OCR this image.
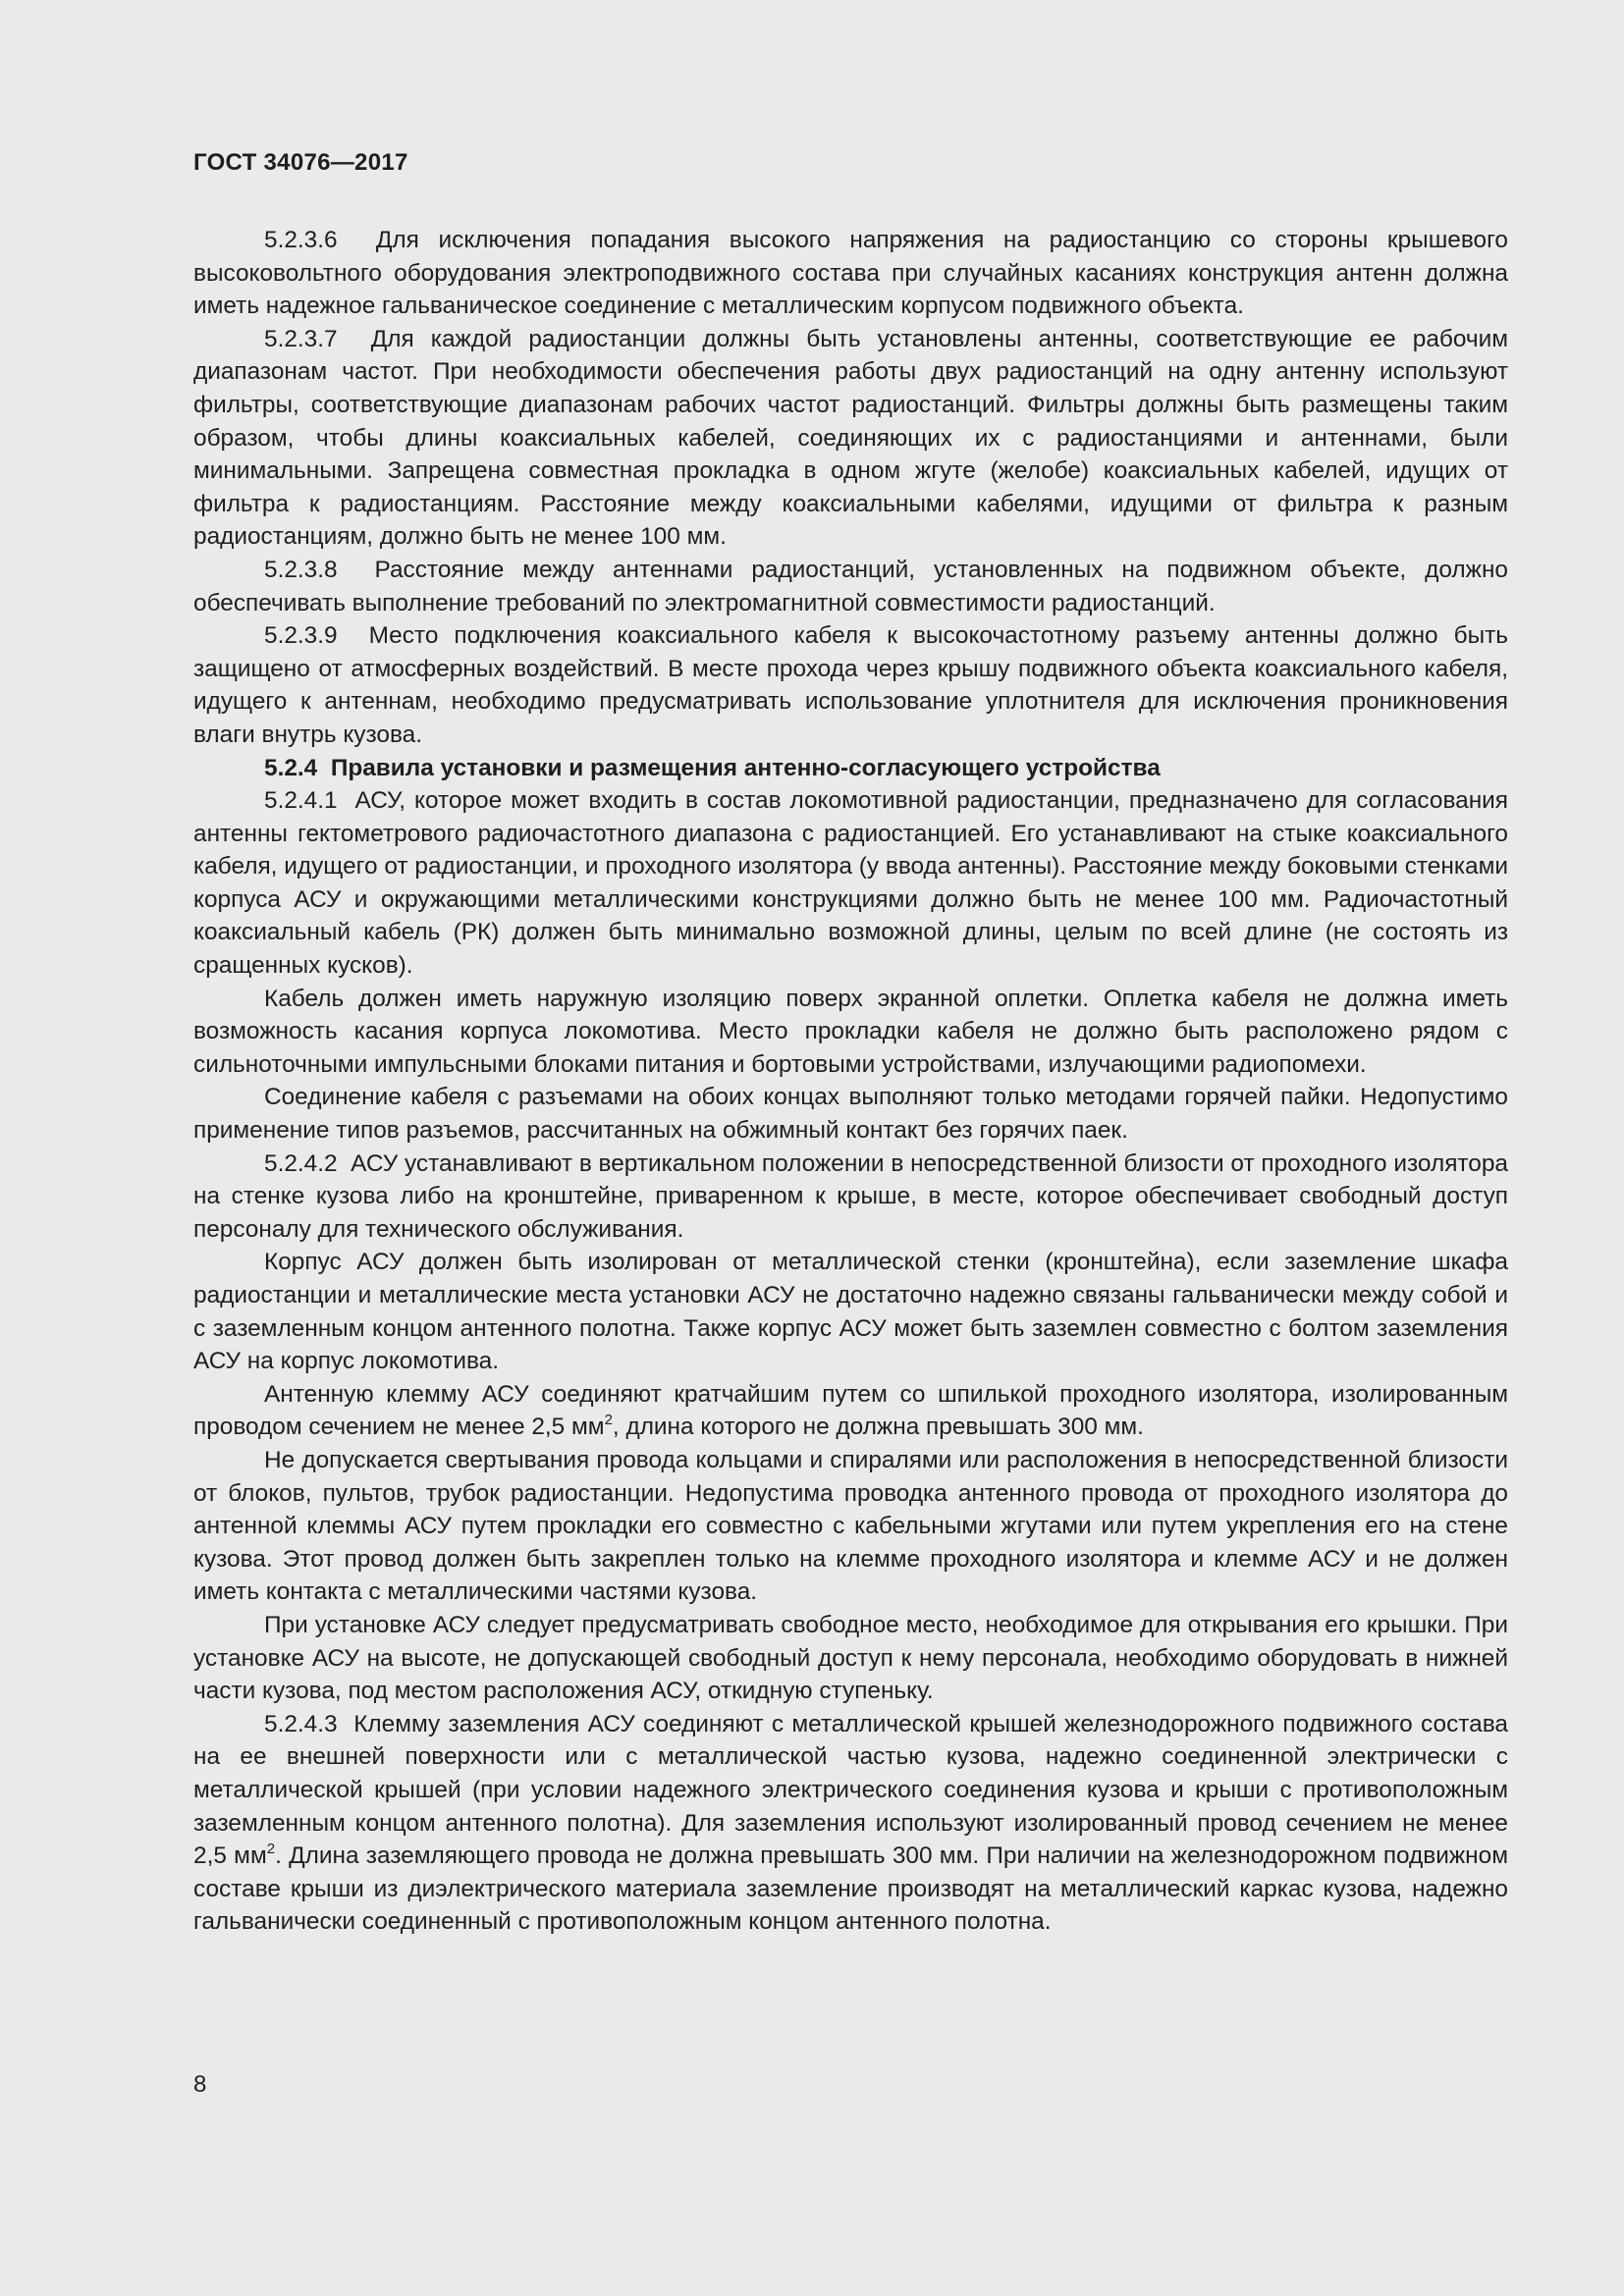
ГОСТ 34076—2017

5.2.3.6 Для исключения попадания высокого напряжения на радиостанцию со стороны крышевого высоковольтного оборудования электроподвижного состава при случайных касаниях конструкция антенн должна иметь надежное гальваническое соединение с металлическим корпусом подвижного объекта.

5.2.3.7 Для каждой радиостанции должны быть установлены антенны, соответствующие ее рабочим диапазонам частот. При необходимости обеспечения работы двух радиостанций на одну антенну используют фильтры, соответствующие диапазонам рабочих частот радиостанций. Фильтры должны быть размещены таким образом, чтобы длины коаксиальных кабелей, соединяющих их с радиостанциями и антеннами, были минимальными. Запрещена совместная прокладка в одном жгуте (желобе) коаксиальных кабелей, идущих от фильтра к радиостанциям. Расстояние между коаксиальными кабелями, идущими от фильтра к разным радиостанциям, должно быть не менее 100 мм.

5.2.3.8 Расстояние между антеннами радиостанций, установленных на подвижном объекте, должно обеспечивать выполнение требований по электромагнитной совместимости радиостанций.

5.2.3.9 Место подключения коаксиального кабеля к высокочастотному разъему антенны должно быть защищено от атмосферных воздействий. В месте прохода через крышу подвижного объекта коаксиального кабеля, идущего к антеннам, необходимо предусматривать использование уплотнителя для исключения проникновения влаги внутрь кузова.

5.2.4 Правила установки и размещения антенно-согласующего устройства

5.2.4.1 АСУ, которое может входить в состав локомотивной радиостанции, предназначено для согласования антенны гектометрового радиочастотного диапазона с радиостанцией. Его устанавливают на стыке коаксиального кабеля, идущего от радиостанции, и проходного изолятора (у ввода антенны). Расстояние между боковыми стенками корпуса АСУ и окружающими металлическими конструкциями должно быть не менее 100 мм. Радиочастотный коаксиальный кабель (РК) должен быть минимально возможной длины, целым по всей длине (не состоять из сращенных кусков).

Кабель должен иметь наружную изоляцию поверх экранной оплетки. Оплетка кабеля не должна иметь возможность касания корпуса локомотива. Место прокладки кабеля не должно быть расположено рядом с сильноточными импульсными блоками питания и бортовыми устройствами, излучающими радиопомехи.

Соединение кабеля с разъемами на обоих концах выполняют только методами горячей пайки. Недопустимо применение типов разъемов, рассчитанных на обжимный контакт без горячих паек.

5.2.4.2 АСУ устанавливают в вертикальном положении в непосредственной близости от проходного изолятора на стенке кузова либо на кронштейне, приваренном к крыше, в месте, которое обеспечивает свободный доступ персоналу для технического обслуживания.

Корпус АСУ должен быть изолирован от металлической стенки (кронштейна), если заземление шкафа радиостанции и металлические места установки АСУ не достаточно надежно связаны гальванически между собой и с заземленным концом антенного полотна. Также корпус АСУ может быть заземлен совместно с болтом заземления АСУ на корпус локомотива.

Антенную клемму АСУ соединяют кратчайшим путем со шпилькой проходного изолятора, изолированным проводом сечением не менее 2,5 $мм^2$, длина которого не должна превышать 300 мм.

Не допускается свертывания провода кольцами и спиралями или расположения в непосредственной близости от блоков, пультов, трубок радиостанции. Недопустима проводка антенного провода от проходного изолятора до антенной клеммы АСУ путем прокладки его совместно с кабельными жгутами или путем укрепления его на стене кузова. Этот провод должен быть закреплен только на клемме проходного изолятора и клемме АСУ и не должен иметь контакта с металлическими частями кузова.

При установке АСУ следует предусматривать свободное место, необходимое для открывания его крышки. При установке АСУ на высоте, не допускающей свободный доступ к нему персонала, необходимо оборудовать в нижней части кузова, под местом расположения АСУ, откидную ступеньку.

5.2.4.3 Клемму заземления АСУ соединяют с металлической крышей железнодорожного подвижного состава на ее внешней поверхности или с металлической частью кузова, надежно соединенной электрически с металлической крышей (при условии надежного электрического соединения кузова и крыши с противоположным заземленным концом антенного полотна). Для заземления используют изолированный провод сечением не менее 2,5 $мм^2$. Длина заземляющего провода не должна превышать 300 мм. При наличии на железнодорожном подвижном составе крыши из диэлектрического материала заземление производят на металлический каркас кузова, надежно гальванически соединенный с противоположным концом антенного полотна.

8
